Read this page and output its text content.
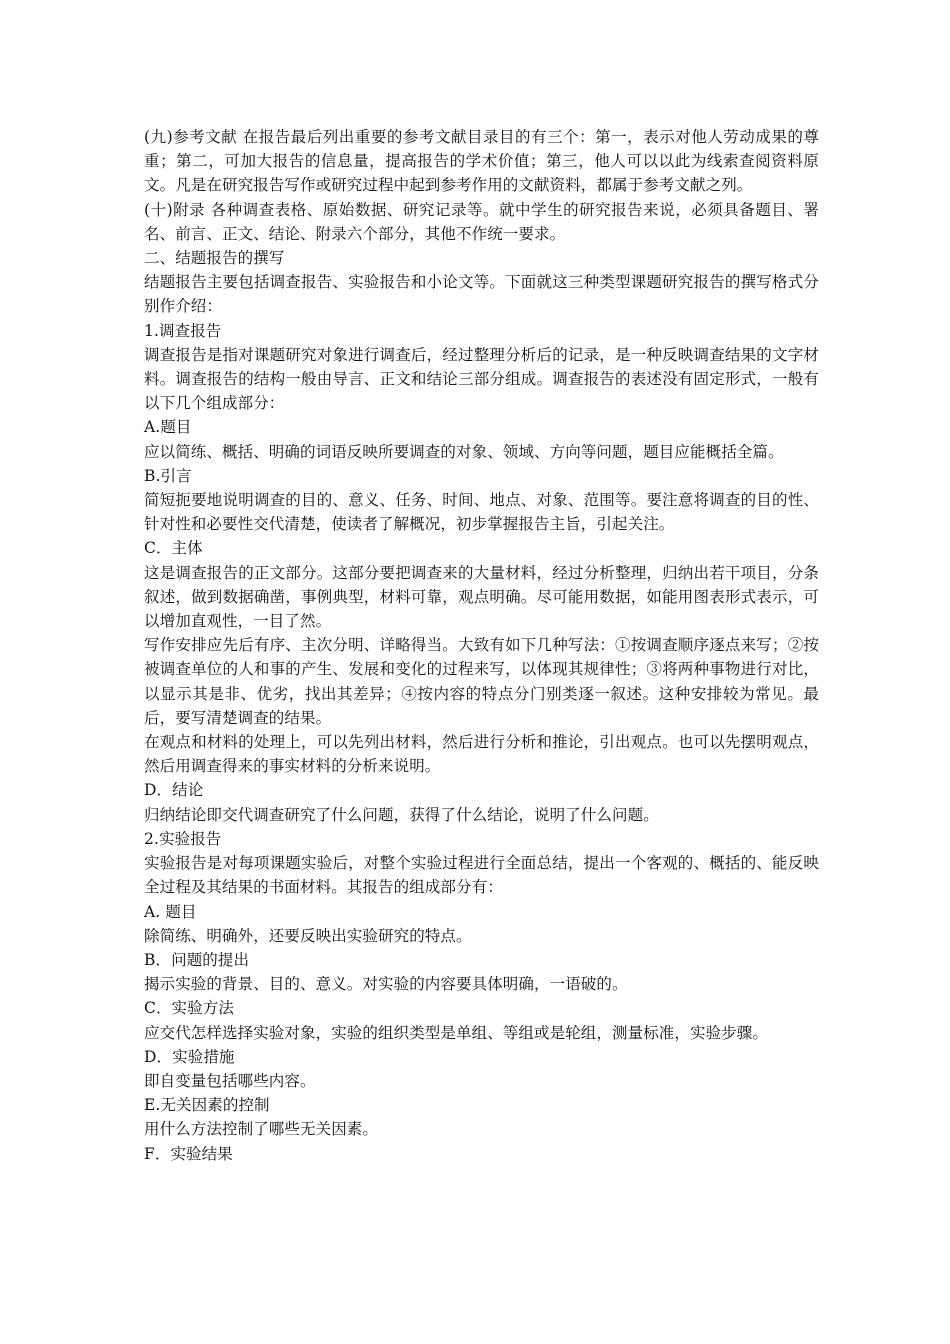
(九)参考文献 在报告最后列出重要的参考文献目录目的有三个：第一，表示对他人劳动成果的尊重；第二，可加大报告的信息量，提高报告的学术价值；第三，他人可以以此为线索查阅资料原文。凡是在研究报告写作或研究过程中起到参考作用的文献资料，都属于参考文献之列。
(十)附录 各种调查表格、原始数据、研究记录等。就中学生的研究报告来说，必须具备题目、署名、前言、正文、结论、附录六个部分，其他不作统一要求。
二、结题报告的撰写
结题报告主要包括调查报告、实验报告和小论文等。下面就这三种类型课题研究报告的撰写格式分别作介绍：
1.调查报告
调查报告是指对课题研究对象进行调查后，经过整理分析后的记录，是一种反映调查结果的文字材料。调查报告的结构一般由导言、正文和结论三部分组成。调查报告的表述没有固定形式，一般有以下几个组成部分：
A.题目
应以简练、概括、明确的词语反映所要调查的对象、领域、方向等问题，题目应能概括全篇。
B.引言
简短扼要地说明调查的目的、意义、任务、时间、地点、对象、范围等。要注意将调查的目的性、针对性和必要性交代清楚，使读者了解概况，初步掌握报告主旨，引起关注。
C．主体
这是调查报告的正文部分。这部分要把调查来的大量材料，经过分析整理，归纳出若干项目，分条叙述，做到数据确凿，事例典型，材料可靠，观点明确。尽可能用数据，如能用图表形式表示，可以增加直观性，一目了然。
写作安排应先后有序、主次分明、详略得当。大致有如下几种写法：①按调查顺序逐点来写；②按被调查单位的人和事的产生、发展和变化的过程来写，以体现其规律性；③将两种事物进行对比，以显示其是非、优劣，找出其差异；④按内容的特点分门别类逐一叙述。这种安排较为常见。最后，要写清楚调查的结果。
在观点和材料的处理上，可以先列出材料，然后进行分析和推论，引出观点。也可以先摆明观点，然后用调查得来的事实材料的分析来说明。
D．结论
归纳结论即交代调查研究了什么问题，获得了什么结论，说明了什么问题。
2.实验报告
实验报告是对每项课题实验后，对整个实验过程进行全面总结，提出一个客观的、概括的、能反映全过程及其结果的书面材料。其报告的组成部分有：
A. 题目
除简练、明确外，还要反映出实验研究的特点。
B．问题的提出
揭示实验的背景、目的、意义。对实验的内容要具体明确，一语破的。
C．实验方法
应交代怎样选择实验对象，实验的组织类型是单组、等组或是轮组，测量标准，实验步骤。
D．实验措施
即自变量包括哪些内容。
E.无关因素的控制
用什么方法控制了哪些无关因素。
F．实验结果
